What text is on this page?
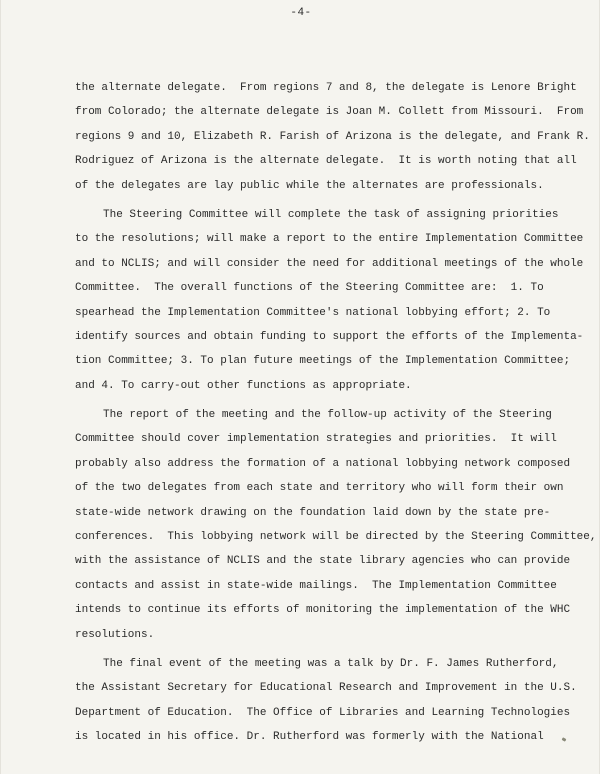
-4-
the alternate delegate.  From regions 7 and 8, the delegate is Lenore Bright
from Colorado; the alternate delegate is Joan M. Collett from Missouri.  From
regions 9 and 10, Elizabeth R. Farish of Arizona is the delegate, and Frank R.
Rodriguez of Arizona is the alternate delegate.  It is worth noting that all
of the delegates are lay public while the alternates are professionals.
The Steering Committee will complete the task of assigning priorities
to the resolutions; will make a report to the entire Implementation Committee
and to NCLIS; and will consider the need for additional meetings of the whole
Committee.  The overall functions of the Steering Committee are:  1. To
spearhead the Implementation Committee's national lobbying effort; 2. To
identify sources and obtain funding to support the efforts of the Implementa-
tion Committee; 3. To plan future meetings of the Implementation Committee;
and 4. To carry-out other functions as appropriate.
The report of the meeting and the follow-up activity of the Steering
Committee should cover implementation strategies and priorities.  It will
probably also address the formation of a national lobbying network composed
of the two delegates from each state and territory who will form their own
state-wide network drawing on the foundation laid down by the state pre-
conferences.  This lobbying network will be directed by the Steering Committee,
with the assistance of NCLIS and the state library agencies who can provide
contacts and assist in state-wide mailings.  The Implementation Committee
intends to continue its efforts of monitoring the implementation of the WHC
resolutions.
The final event of the meeting was a talk by Dr. F. James Rutherford,
the Assistant Secretary for Educational Research and Improvement in the U.S.
Department of Education.  The Office of Libraries and Learning Technologies
is located in his office. Dr. Rutherford was formerly with the National
